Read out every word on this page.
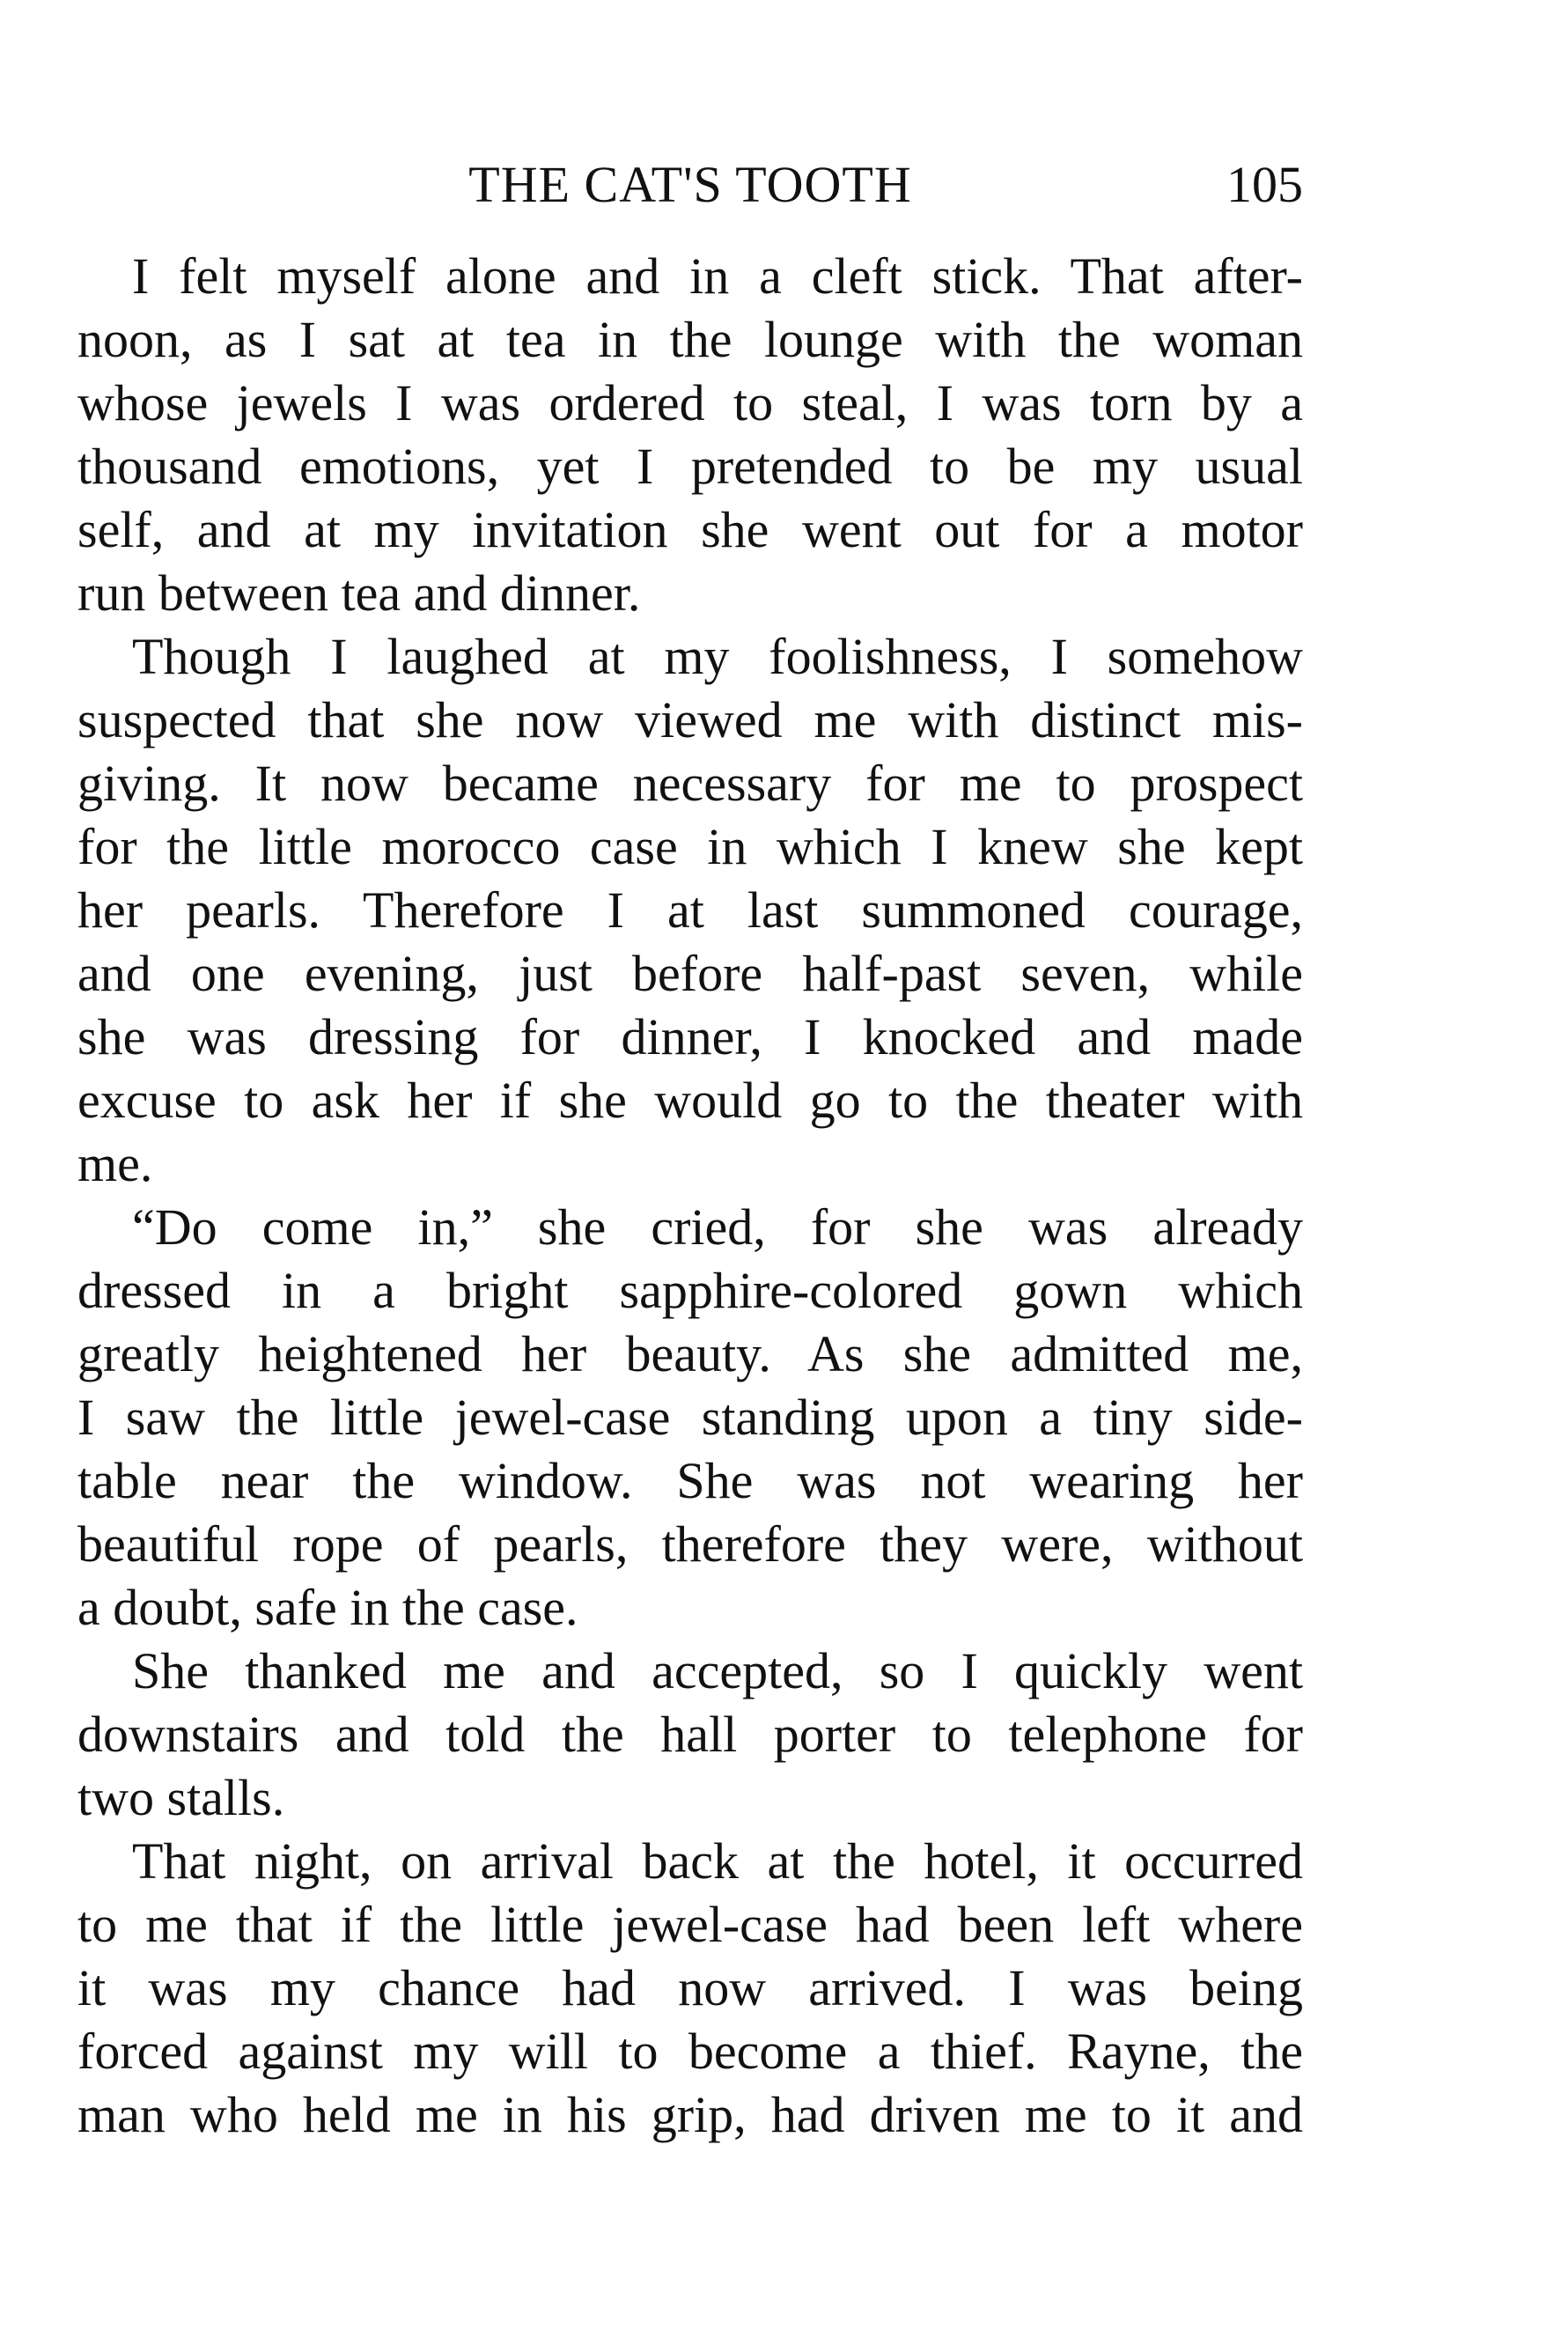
THE CAT'S TOOTH	105
I felt myself alone and in a cleft stick. That after-
noon, as I sat at tea in the lounge with the woman
whose jewels I was ordered to steal, I was torn by a
thousand emotions, yet I pretended to be my usual
self, and at my invitation she went out for a motor
run between tea and dinner.
Though I laughed at my foolishness, I somehow
suspected that she now viewed me with distinct mis-
giving. It now became necessary for me to prospect
for the little morocco case in which I knew she kept
her pearls. Therefore I at last summoned courage,
and one evening, just before half-past seven, while
she was dressing for dinner, I knocked and made
excuse to ask her if she would go to the theater with
me.
“Do come in,” she cried, for she was already
dressed in a bright sapphire-colored gown which
greatly heightened her beauty. As she admitted me,
I saw the little jewel-case standing upon a tiny side-
table near the window. She was not wearing her
beautiful rope of pearls, therefore they were, without
a doubt, safe in the case.
She thanked me and accepted, so I quickly went
downstairs and told the hall porter to telephone for
two stalls.
That night, on arrival back at the hotel, it occurred
to me that if the little jewel-case had been left where
it was my chance had now arrived. I was being
forced against my will to become a thief. Rayne, the
man who held me in his grip, had driven me to it and
